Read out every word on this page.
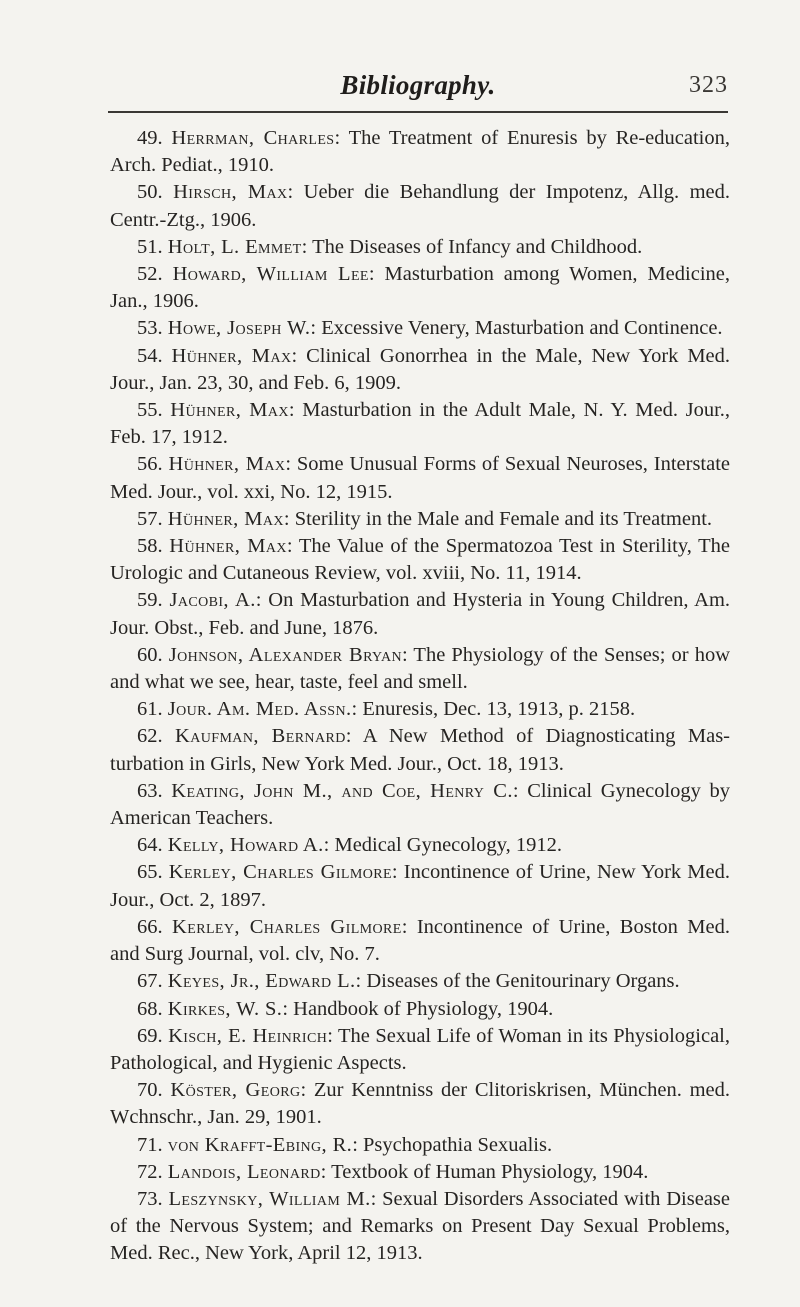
Bibliography.	323
49. Herrman, Charles: The Treatment of Enuresis by Re-education, Arch. Pediat., 1910.
50. Hirsch, Max: Ueber die Behandlung der Impotenz, Allg. med. Centr.-Ztg., 1906.
51. Holt, L. Emmet: The Diseases of Infancy and Childhood.
52. Howard, William Lee: Masturbation among Women, Medicine, Jan., 1906.
53. Howe, Joseph W.: Excessive Venery, Masturbation and Continence.
54. Hühner, Max: Clinical Gonorrhea in the Male, New York Med. Jour., Jan. 23, 30, and Feb. 6, 1909.
55. Hühner, Max: Masturbation in the Adult Male, N. Y. Med. Jour., Feb. 17, 1912.
56. Hühner, Max: Some Unusual Forms of Sexual Neuroses, Interstate Med. Jour., vol. xxi, No. 12, 1915.
57. Hühner, Max: Sterility in the Male and Female and its Treatment.
58. Hühner, Max: The Value of the Spermatozoa Test in Sterility, The Urologic and Cutaneous Review, vol. xviii, No. 11, 1914.
59. Jacobi, A.: On Masturbation and Hysteria in Young Children, Am. Jour. Obst., Feb. and June, 1876.
60. Johnson, Alexander Bryan: The Physiology of the Senses; or how and what we see, hear, taste, feel and smell.
61. Jour. Am. Med. Assn.: Enuresis, Dec. 13, 1913, p. 2158.
62. Kaufman, Bernard: A New Method of Diagnosticating Masturbation in Girls, New York Med. Jour., Oct. 18, 1913.
63. Keating, John M., and Coe, Henry C.: Clinical Gynecology by American Teachers.
64. Kelly, Howard A.: Medical Gynecology, 1912.
65. Kerley, Charles Gilmore: Incontinence of Urine, New York Med. Jour., Oct. 2, 1897.
66. Kerley, Charles Gilmore: Incontinence of Urine, Boston Med. and Surg Journal, vol. clv, No. 7.
67. Keyes, Jr., Edward L.: Diseases of the Genitourinary Organs.
68. Kirkes, W. S.: Handbook of Physiology, 1904.
69. Kisch, E. Heinrich: The Sexual Life of Woman in its Physiological, Pathological, and Hygienic Aspects.
70. Köster, Georg: Zur Kenntniss der Clitoriskrisen, München. med. Wchnschr., Jan. 29, 1901.
71. von Krafft-Ebing, R.: Psychopathia Sexualis.
72. Landois, Leonard: Textbook of Human Physiology, 1904.
73. Leszynsky, William M.: Sexual Disorders Associated with Disease of the Nervous System; and Remarks on Present Day Sexual Problems, Med. Rec., New York, April 12, 1913.
